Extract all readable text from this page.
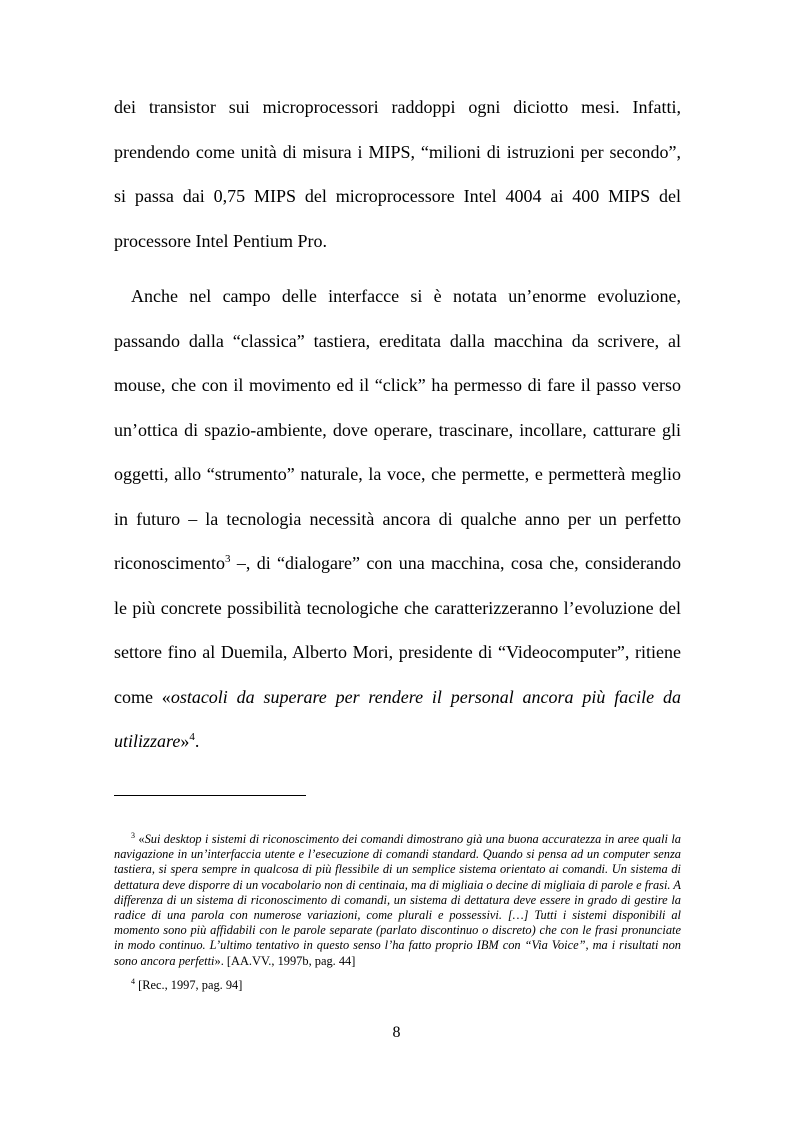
dei transistor sui microprocessori raddoppi ogni diciotto mesi. Infatti, prendendo come unità di misura i MIPS, “milioni di istruzioni per secondo”, si passa dai 0,75 MIPS del microprocessore Intel 4004 ai 400 MIPS del processore Intel Pentium Pro.

Anche nel campo delle interfacce si è notata un’enorme evoluzione, passando dalla “classica” tastiera, ereditata dalla macchina da scrivere, al mouse, che con il movimento ed il “click” ha permesso di fare il passo verso un’ottica di spazio-ambiente, dove operare, trascinare, incollare, catturare gli oggetti, allo “strumento” naturale, la voce, che permette, e permetterà meglio in futuro – la tecnologia necessità ancora di qualche anno per un perfetto riconoscimento$^3$ –, di “dialogare” con una macchina, cosa che, considerando le più concrete possibilità tecnologiche che caratterizzeranno l’evoluzione del settore fino al Duemila, Alberto Mori, presidente di “Videocomputer”, ritiene come «ostacoli da superare per rendere il personal ancora più facile da utilizzare»$^4$.

$^3$ «Sui desktop i sistemi di riconoscimento dei comandi dimostrano già una buona accuratezza in aree quali la navigazione in un’interfaccia utente e l’esecuzione di comandi standard. Quando si pensa ad un computer senza tastiera, si spera sempre in qualcosa di più flessibile di un semplice sistema orientato ai comandi. Un sistema di dettatura deve disporre di un vocabolario non di centinaia, ma di migliaia o decine di migliaia di parole e frasi. A differenza di un sistema di riconoscimento di comandi, un sistema di dettatura deve essere in grado di gestire la radice di una parola con numerose variazioni, come plurali e possessivi. […] Tutti i sistemi disponibili al momento sono più affidabili con le parole separate (parlato discontinuo o discreto) che con le frasi pronunciate in modo continuo. L’ultimo tentativo in questo senso l’ha fatto proprio IBM con “Via Voice”, ma i risultati non sono ancora perfetti». [AA.VV., 1997b, pag. 44]

$^4$ [Rec., 1997, pag. 94]

8
